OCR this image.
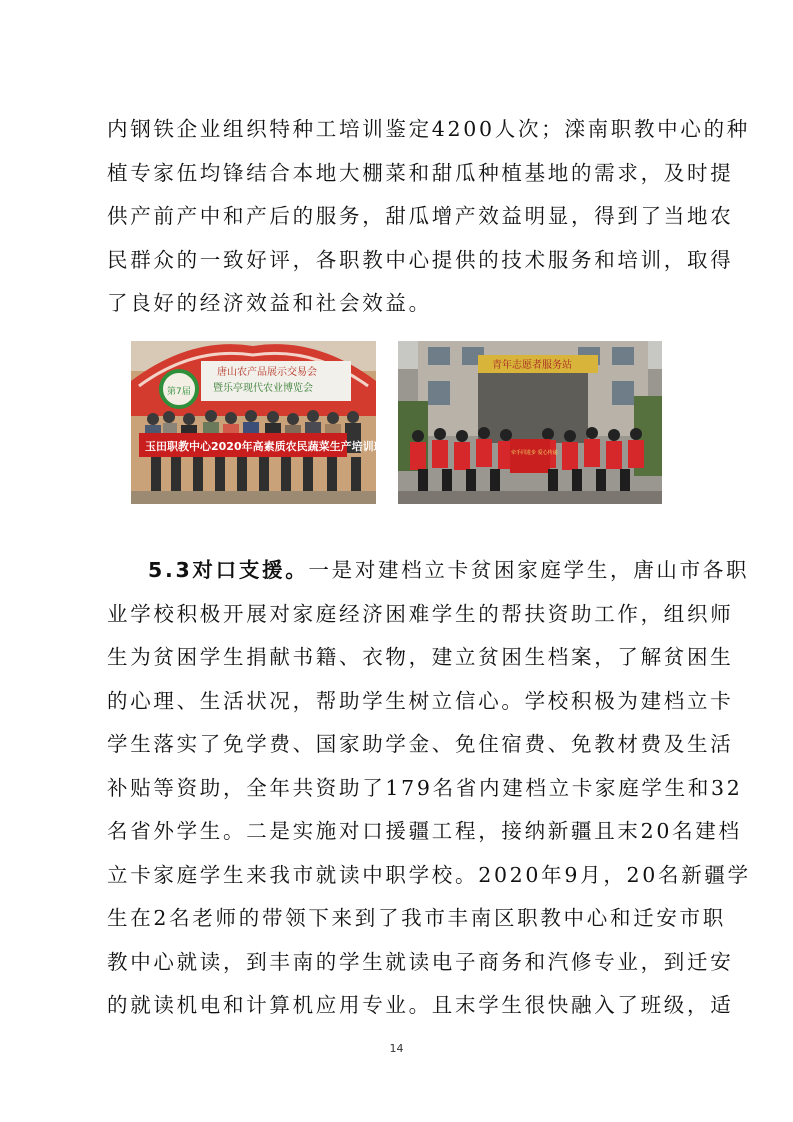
内钢铁企业组织特种工培训鉴定4200人次；滦南职教中心的种
植专家伍均锋结合本地大棚菜和甜瓜种植基地的需求，及时提
供产前产中和产后的服务，甜瓜增产效益明显，得到了当地农
民群众的一致好评，各职教中心提供的技术服务和培训，取得
了良好的经济效益和社会效益。
第7届
唐山农产品展示交易会
暨乐亭现代农业博览会
玉田职教中心2020年高素质农民蔬菜生产培训班
青年志愿者服务站
牵手同进步 爱心传递
5.3对口支援。一是对建档立卡贫困家庭学生，唐山市各职
业学校积极开展对家庭经济困难学生的帮扶资助工作，组织师
生为贫困学生捐献书籍、衣物，建立贫困生档案，了解贫困生
的心理、生活状况，帮助学生树立信心。学校积极为建档立卡
学生落实了免学费、国家助学金、免住宿费、免教材费及生活
补贴等资助，全年共资助了179名省内建档立卡家庭学生和32
名省外学生。二是实施对口援疆工程，接纳新疆且末20名建档
立卡家庭学生来我市就读中职学校。2020年9月，20名新疆学
生在2名老师的带领下来到了我市丰南区职教中心和迁安市职
教中心就读，到丰南的学生就读电子商务和汽修专业，到迁安
的就读机电和计算机应用专业。且末学生很快融入了班级，适
14
